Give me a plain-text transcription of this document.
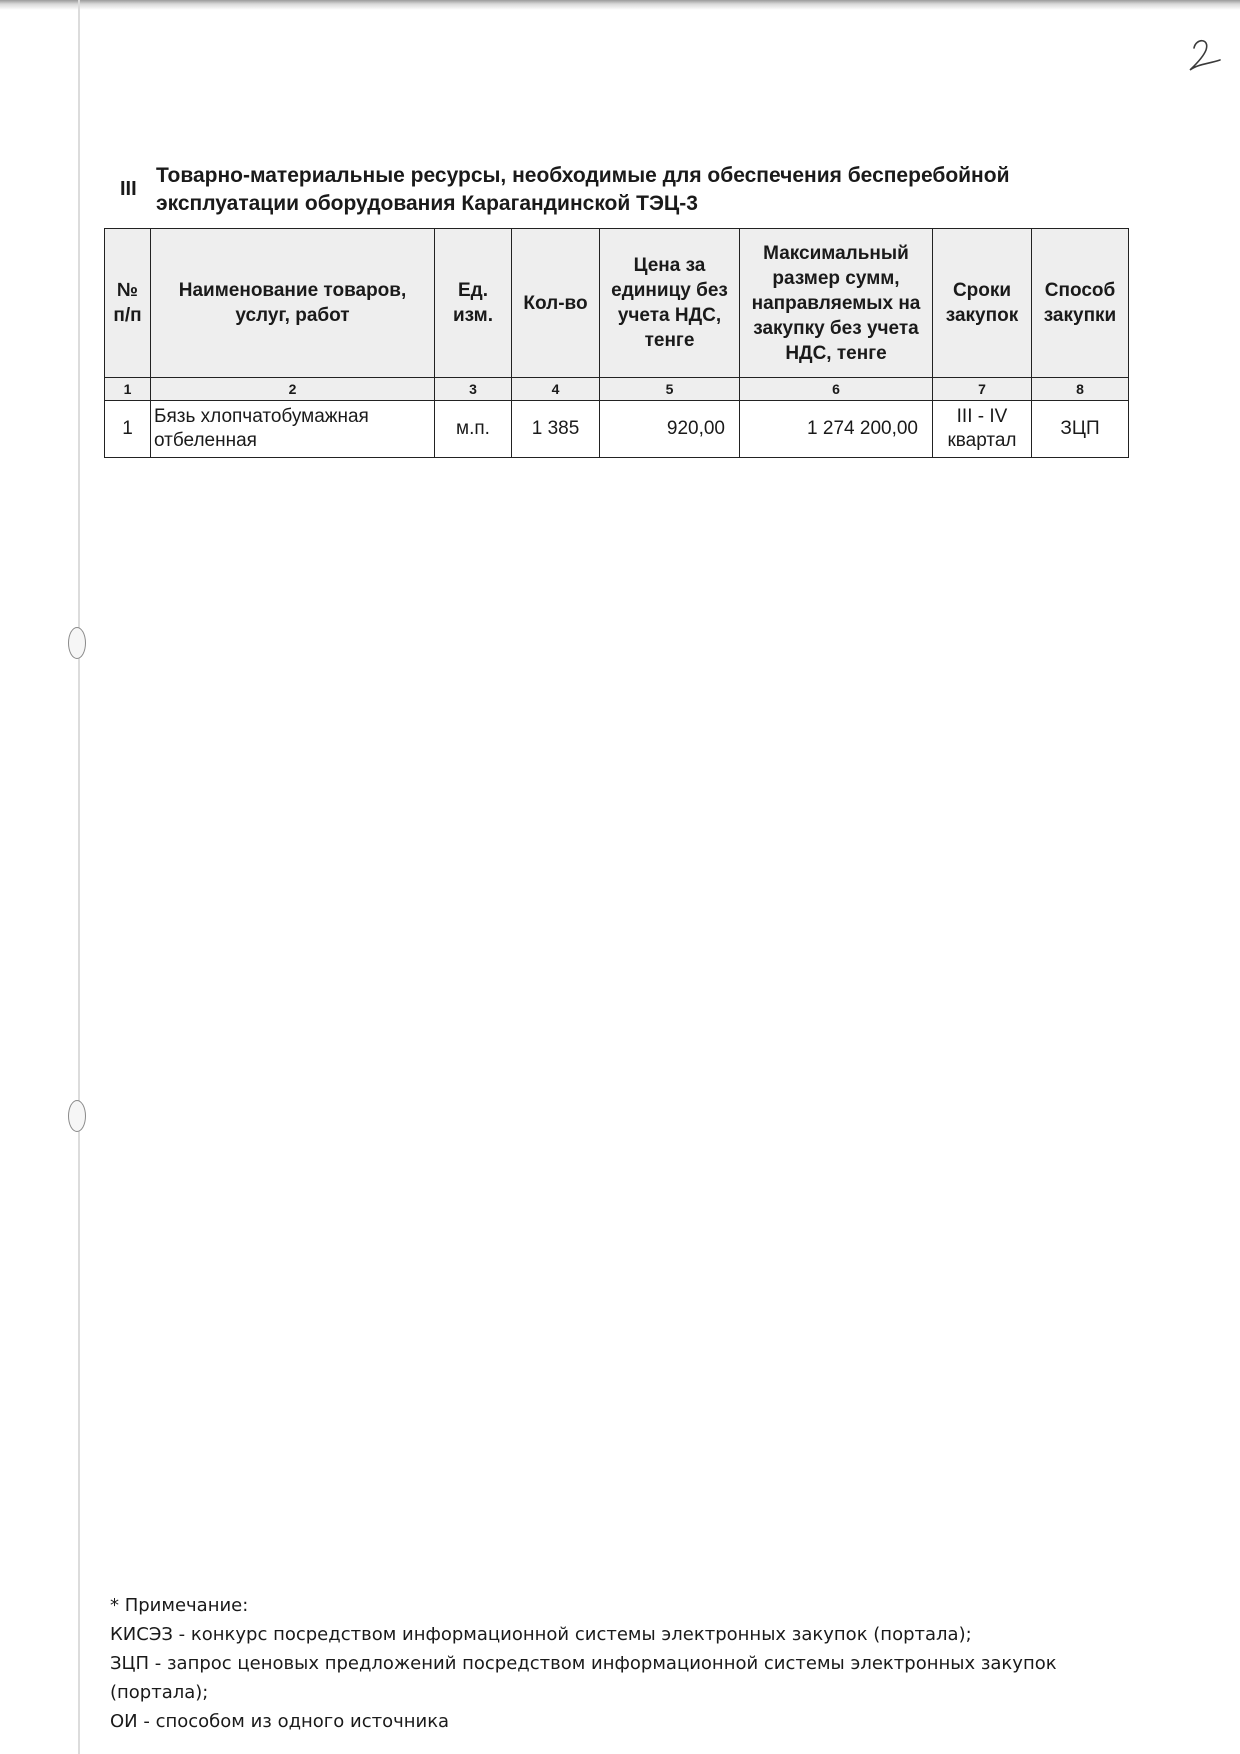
III
Товарно-материальные ресурсы, необходимые для обеспечения бесперебойной эксплуатации оборудования Карагандинской ТЭЦ-3
№ п/п	Наименование товаров, услуг, работ	Ед. изм.	Кол-во	Цена за единицу без учета НДС, тенге	Максимальный размер сумм, направляемых на закупку без учета НДС, тенге	Сроки закупок	Способ закупки
1	2	3	4	5	6	7	8
1	Бязь хлопчатобумажная отбеленная	м.п.	1 385	920,00	1 274 200,00	III - IV квартал	ЗЦП
* Примечание:
КИСЭЗ - конкурс посредством информационной системы электронных закупок (портала);
ЗЦП - запрос ценовых предложений посредством информационной системы электронных закупок (портала);
ОИ - способом из одного источника
